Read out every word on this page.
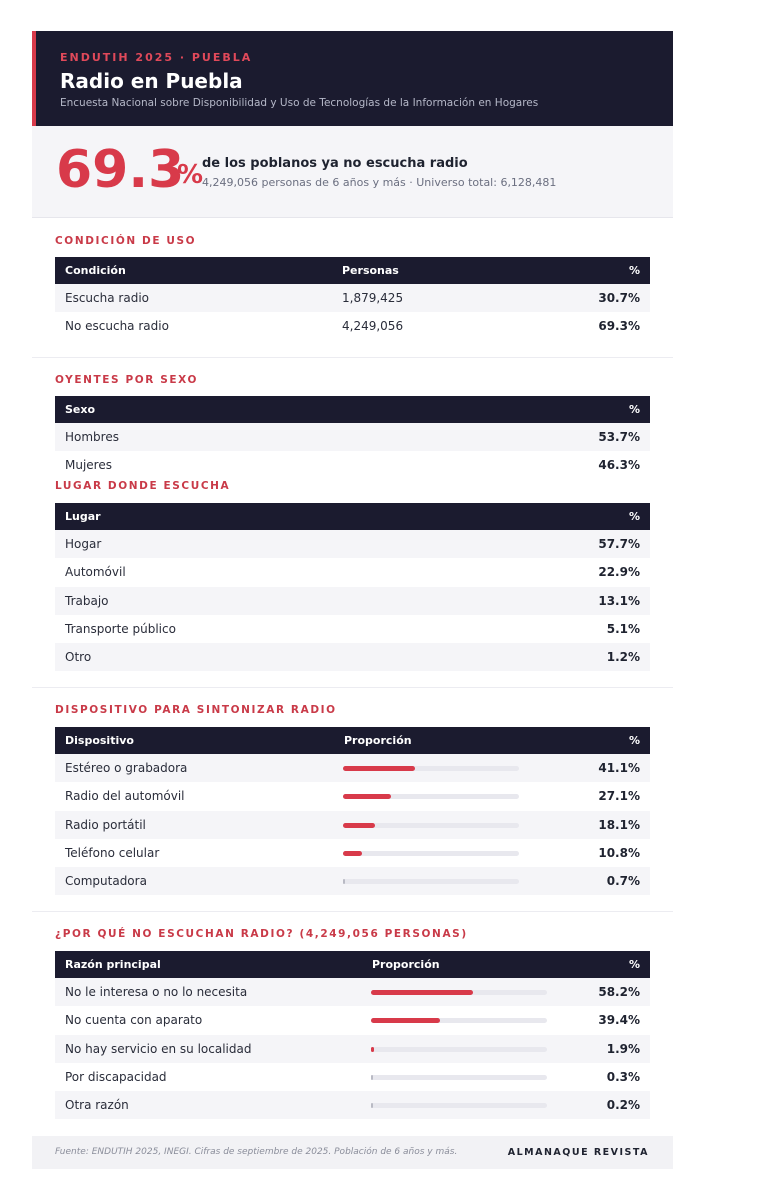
ENDUTIH 2025 · PUEBLA
Radio en Puebla
Encuesta Nacional sobre Disponibilidad y Uso de Tecnologías de la Información en Hogares
69.3
%
de los poblanos ya no escucha radio
4,249,056 personas de 6 años y más · Universo total: 6,128,481
CONDICIÓN DE USO
Condición	Personas	%
Escucha radio	1,879,425	30.7%
No escucha radio	4,249,056	69.3%
OYENTES POR SEXO
Sexo	%
Hombres	53.7%
Mujeres	46.3%
LUGAR DONDE ESCUCHA
Lugar	%
Hogar	57.7%
Automóvil	22.9%
Trabajo	13.1%
Transporte público	5.1%
Otro	1.2%
DISPOSITIVO PARA SINTONIZAR RADIO
Dispositivo	Proporción	%
Estéreo o grabadora	41.1%
Radio del automóvil	27.1%
Radio portátil	18.1%
Teléfono celular	10.8%
Computadora	0.7%
¿POR QUÉ NO ESCUCHAN RADIO? (4,249,056 PERSONAS)
Razón principal	Proporción	%
No le interesa o no lo necesita	58.2%
No cuenta con aparato	39.4%
No hay servicio en su localidad	1.9%
Por discapacidad	0.3%
Otra razón	0.2%
Fuente: ENDUTIH 2025, INEGI. Cifras de septiembre de 2025. Población de 6 años y más.	ALMANAQUE REVISTA
